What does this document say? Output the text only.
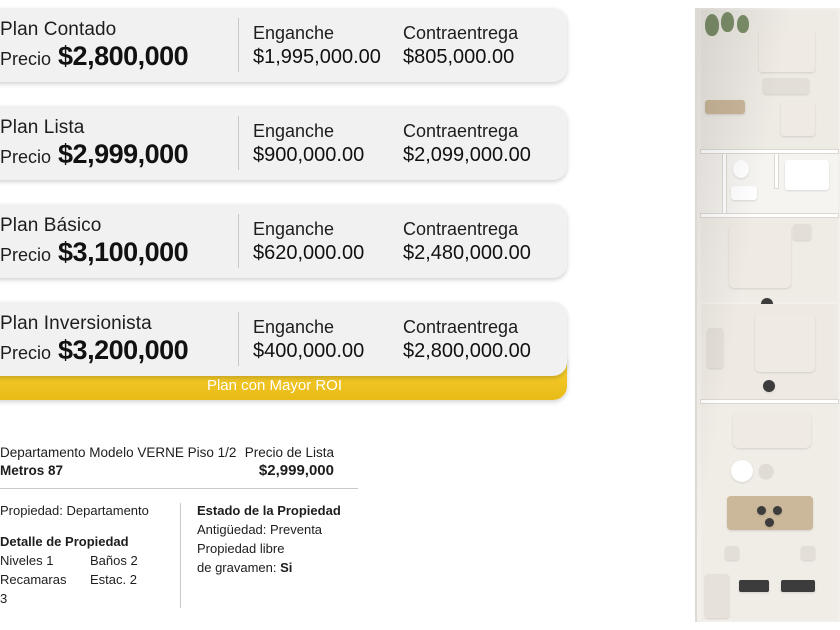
Plan Contado
Precio $2,800,000
Enganche
$1,995,000.00
Contraentrega
$805,000.00
Plan Lista
Precio $2,999,000
Enganche
$900,000.00
Contraentrega
$2,099,000.00
Plan Básico
Precio $3,100,000
Enganche
$620,000.00
Contraentrega
$2,480,000.00
Plan con Mayor ROI
Plan Inversionista
Precio $3,200,000
Enganche
$400,000.00
Contraentrega
$2,800,000.00
Departamento Modelo VERNE Piso 1/2
Metros 87
Precio de Lista
$2,999,000
Propiedad: Departamento
Detalle de Propiedad
Niveles 1	Baños 2
Recamaras 3
Estac. 2
Estado de la Propiedad
Antigüedad: Preventa
Propiedad libre
de gravamen: Si
